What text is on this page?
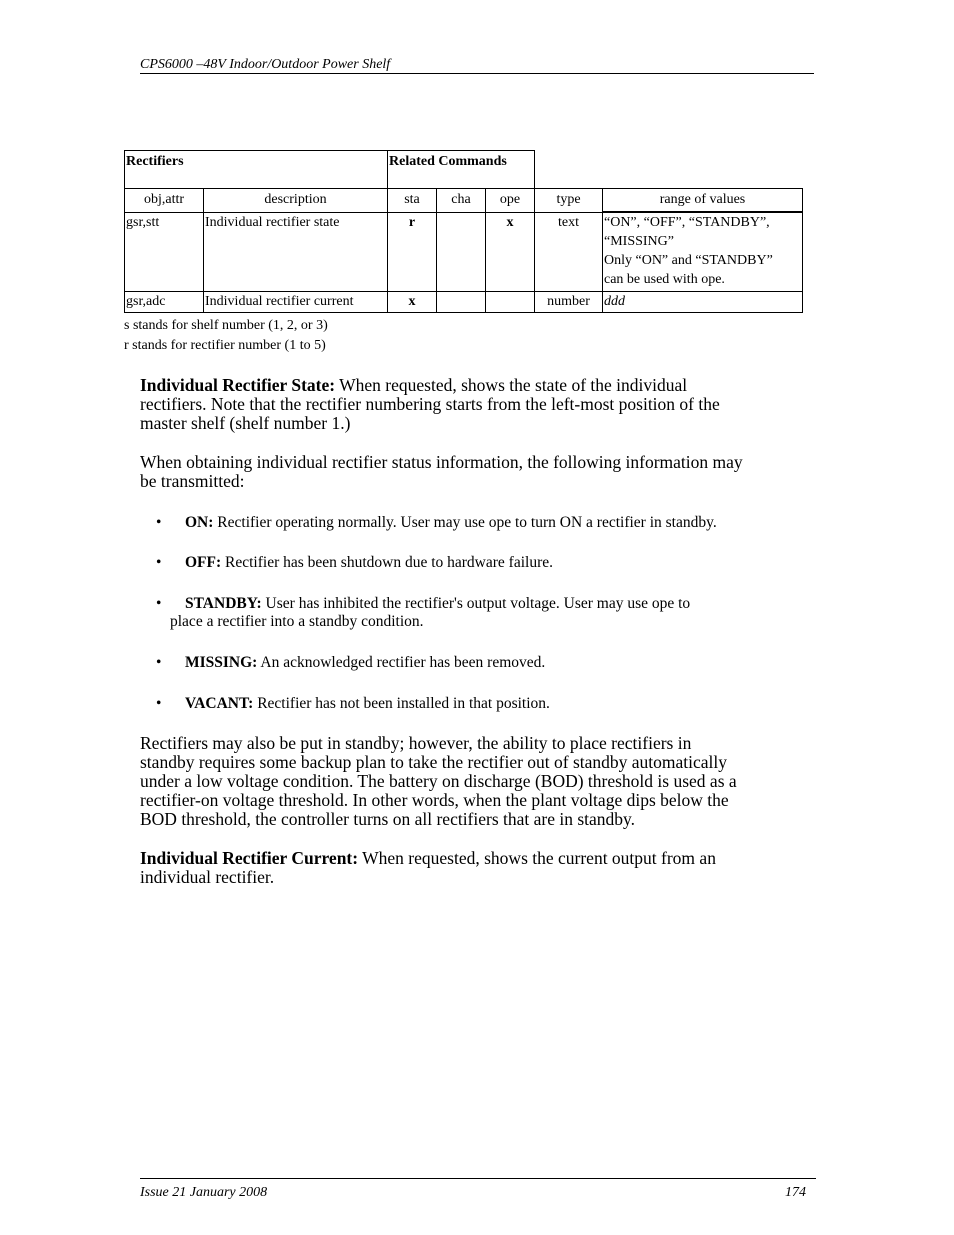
CPS6000 –48V Indoor/Outdoor Power Shelf
Rectifiers		Related Commands				
obj,attr	description	sta	cha	ope	type	range of values
gsr,stt	Individual rectifier state	r		x	text	“ON”, “OFF”, “STANDBY”,
“MISSING”
Only “ON” and “STANDBY”
can be used with ope.

gsr,adc	Individual rectifier current	x			number	ddd
s stands for shelf number (1, 2, or 3)
r stands for rectifier number (1 to 5)
Individual Rectifier State: When requested, shows the state of the individual
rectifiers. Note that the rectifier numbering starts from the left-most position of the
master shelf (shelf number 1.)
When obtaining individual rectifier status information, the following information may
be transmitted:
• ON: Rectifier operating normally. User may use ope to turn ON a rectifier in standby.
• OFF: Rectifier has been shutdown due to hardware failure.
• STANDBY: User has inhibited the rectifier's output voltage. User may use ope to
place a rectifier into a standby condition.
• MISSING: An acknowledged rectifier has been removed.
• VACANT: Rectifier has not been installed in that position.
Rectifiers may also be put in standby; however, the ability to place rectifiers in
standby requires some backup plan to take the rectifier out of standby automatically
under a low voltage condition. The battery on discharge (BOD) threshold is used as a
rectifier-on voltage threshold. In other words, when the plant voltage dips below the
BOD threshold, the controller turns on all rectifiers that are in standby.
Individual Rectifier Current: When requested, shows the current output from an
individual rectifier.
Issue 21 January 2008	174
